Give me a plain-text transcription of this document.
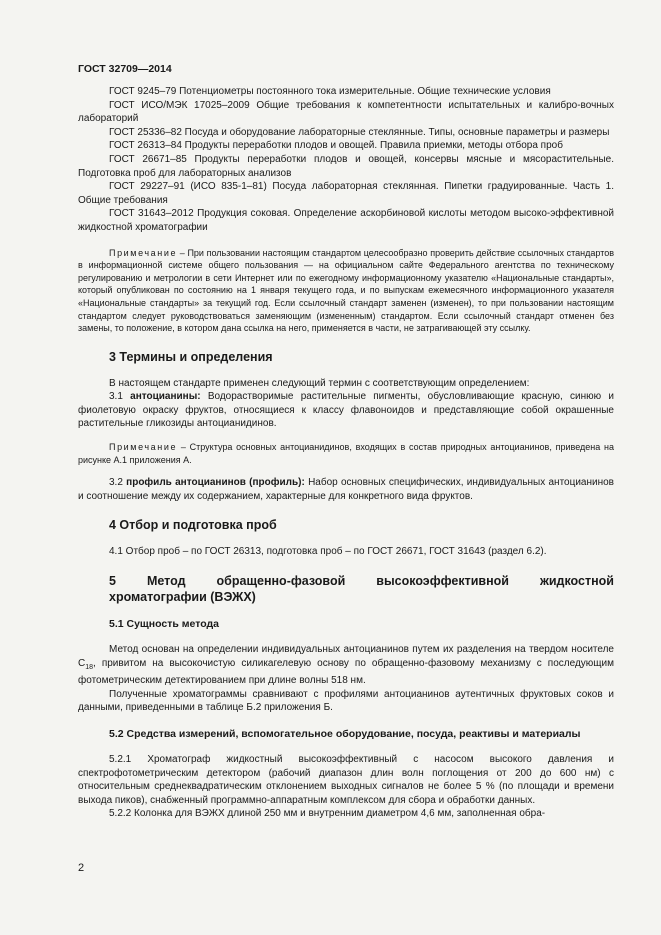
ГОСТ 32709—2014

ГОСТ 9245–79 Потенциометры постоянного тока измерительные. Общие технические условия

ГОСТ ИСО/МЭК 17025–2009 Общие требования к компетентности испытательных и калибро-вочных лабораторий

ГОСТ 25336–82 Посуда и оборудование лабораторные стеклянные. Типы, основные параметры и размеры

ГОСТ 26313–84 Продукты переработки плодов и овощей. Правила приемки, методы отбора проб

ГОСТ 26671–85 Продукты переработки плодов и овощей, консервы мясные и мясорастительные. Подготовка проб для лабораторных анализов

ГОСТ 29227–91 (ИСО 835-1–81) Посуда лабораторная стеклянная. Пипетки градуированные. Часть 1. Общие требования

ГОСТ 31643–2012 Продукция соковая. Определение аскорбиновой кислоты методом высоко-эффективной жидкостной хроматографии

Примечание – При пользовании настоящим стандартом целесообразно проверить действие ссылочных стандартов в информационной системе общего пользования — на официальном сайте Федерального агентства по техническому регулированию и метрологии в сети Интернет или по ежегодному информационному указателю «Национальные стандарты», который опубликован по состоянию на 1 января текущего года, и по выпускам ежемесячного информационного указателя «Национальные стандарты» за текущий год. Если ссылочный стандарт заменен (изменен), то при пользовании настоящим стандартом следует руководствоваться заменяющим (измененным) стандартом. Если ссылочный стандарт отменен без замены, то положение, в котором дана ссылка на него, применяется в части, не затрагивающей эту ссылку.

3 Термины и определения

В настоящем стандарте применен следующий термин с соответствующим определением:

3.1 антоцианины: Водорастворимые растительные пигменты, обусловливающие красную, синюю и фиолетовую окраску фруктов, относящиеся к классу флавоноидов и представляющие собой окрашенные растительные гликозиды антоцианидинов.

Примечание – Структура основных антоцианидинов, входящих в состав природных антоцианинов, приведена на рисунке А.1 приложения А.

3.2 профиль антоцианинов (профиль): Набор основных специфических, индивидуальных антоцианинов и соотношение между их содержанием, характерные для конкретного вида фруктов.

4 Отбор и подготовка проб

4.1 Отбор проб – по ГОСТ 26313, подготовка проб – по ГОСТ 26671, ГОСТ 31643 (раздел 6.2).

5 Метод обращенно-фазовой высокоэффективной жидкостной
хроматографии (ВЭЖХ)
5.1 Сущность метода

Метод основан на определении индивидуальных антоцианинов путем их разделения на твердом носителе $С_{18}$, привитом на высокочистую силикагелевую основу по обращенно-фазовому механизму с последующим фотометрическим детектированием при длине волны 518 нм.

Полученные хроматограммы сравнивают с профилями антоцианинов аутентичных фруктовых соков и данными, приведенными в таблице Б.2 приложения Б.

5.2 Средства измерений, вспомогательное оборудование, посуда, реактивы и материалы

5.2.1 Хроматограф жидкостный высокоэффективный с насосом высокого давления и спектрофотометрическим детектором (рабочий диапазон длин волн поглощения от 200 до 600 нм) с относительным среднеквадратическим отклонением выходных сигналов не более 5 % (по площади и времени выхода пиков), снабженный программно-аппаратным комплексом для сбора и обработки данных.

5.2.2 Колонка для ВЭЖХ длиной 250 мм и внутренним диаметром 4,6 мм, заполненная обра-

2
